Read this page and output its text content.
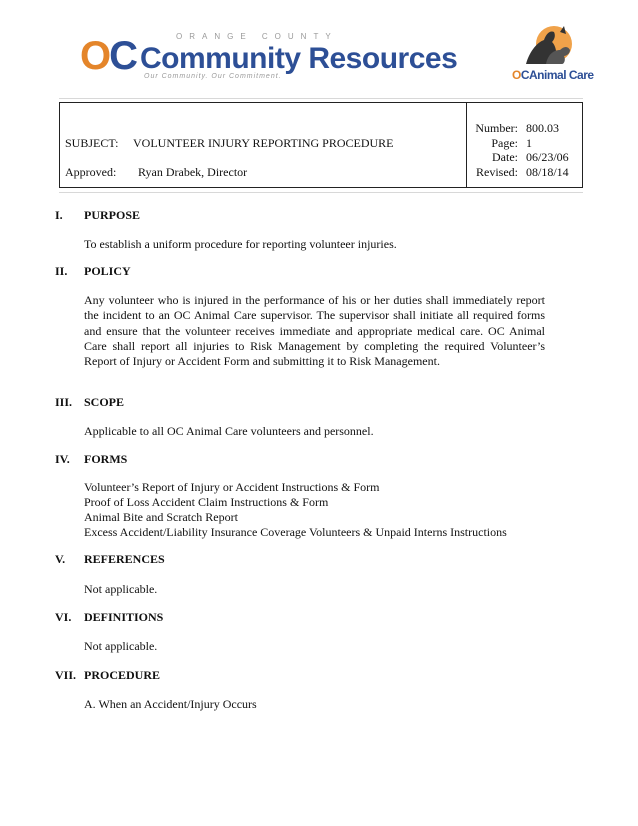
OC	ORANGE COUNTY
Community Resources
Our Community. Our Commitment.	OCAnimal Care
SUBJECT: VOLUNTEER INJURY REPORTING PROCEDURE
Approved: Ryan Drabek, Director
Number: 800.03
Page: 1
Date: 06/23/06
Revised: 08/18/14
I. PURPOSE
To establish a uniform procedure for reporting volunteer injuries.
II. POLICY
Any volunteer who is injured in the performance of his or her duties shall immediately report the incident to an OC Animal Care supervisor. The supervisor shall initiate all required forms and ensure that the volunteer receives immediate and appropriate medical care. OC Animal Care shall report all injuries to Risk Management by completing the required Volunteer’s Report of Injury or Accident Form and submitting it to Risk Management.
III. SCOPE
Applicable to all OC Animal Care volunteers and personnel.
IV. FORMS
Volunteer’s Report of Injury or Accident Instructions & Form
Proof of Loss Accident Claim Instructions & Form
Animal Bite and Scratch Report
Excess Accident/Liability Insurance Coverage Volunteers & Unpaid Interns Instructions
V. REFERENCES
Not applicable.
VI. DEFINITIONS
Not applicable.
VII. PROCEDURE
A. When an Accident/Injury Occurs
